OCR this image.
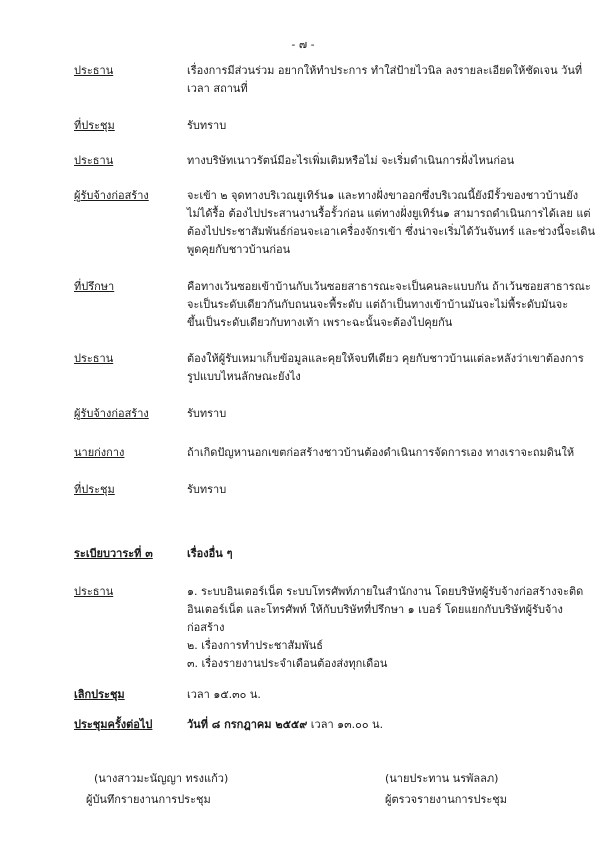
- ๗ -
ประธาน	เรื่องการมีส่วนร่วม อยากให้ทำประการ ทำใส่ป้ายไวนิล ลงรายละเอียดให้ชัดเจน วันที่
เวลา สถานที่
ที่ประชุม	รับทราบ
ประธาน	ทางบริษัทเนาวรัตน์มีอะไรเพิ่มเติมหรือไม่ จะเริ่มดำเนินการฝั่งไหนก่อน
ผู้รับจ้างก่อสร้าง	จะเข้า ๒ จุดทางบริเวณยูเทิร์น๑ และทางฝั่งขาออกซึ่งบริเวณนี้ยังมีรั้วของชาวบ้านยัง
ไม่ได้รื้อ ต้องไปประสานงานรื้อรั้วก่อน แต่ทางฝั่งยูเทิร์น๑ สามารถดำเนินการได้เลย แต่
ต้องไปประชาสัมพันธ์ก่อนจะเอาเครื่องจักรเข้า ซึ่งน่าจะเริ่มได้วันจันทร์ และช่วงนี้จะเดิน
พูดคุยกับชาวบ้านก่อน
ที่ปรึกษา	คือทางเว้นซอยเข้าบ้านกับเว้นซอยสาธารณะจะเป็นคนละแบบกัน ถ้าเว้นซอยสาธารณะ
จะเป็นระดับเดียวกันกับถนนจะพื้ระดับ แต่ถ้าเป็นทางเข้าบ้านมันจะไม่พื้ระดับมันจะ
ขึ้นเป็นระดับเดียวกับทางเท้า เพราะฉะนั้นจะต้องไปคุยกัน
ประธาน	ต้องให้ผู้รับเหมาเก็บข้อมูลและคุยให้จบทีเดียว คุยกับชาวบ้านแต่ละหลังว่าเขาต้องการ
รูปแบบไหนลักษณะยังไง
ผู้รับจ้างก่อสร้าง	รับทราบ
นายก่งกาง	ถ้าเกิดปัญหานอกเขตก่อสร้างชาวบ้านต้องดำเนินการจัดการเอง ทางเราจะถมดินให้
ที่ประชุม	รับทราบ
ระเบียบวาระที่ ๓	เรื่องอื่น ๆ
ประธาน	๑. ระบบอินเตอร์เน็ต ระบบโทรศัพท์ภายในสำนักงาน โดยบริษัทผู้รับจ้างก่อสร้างจะติด
อินเตอร์เน็ต และโทรศัพท์ ให้กับบริษัทที่ปรึกษา ๑ เบอร์ โดยแยกกับบริษัทผู้รับจ้าง
ก่อสร้าง
๒. เรื่องการทำประชาสัมพันธ์
๓. เรื่องรายงานประจำเดือนต้องส่งทุกเดือน
เลิกประชุม	เวลา ๑๕.๓๐ น.
ประชุมครั้งต่อไป	วันที่ ๘ กรกฎาคม ๒๕๕๙ เวลา ๑๓.๐๐ น.
(นางสาวมะนัญญา ทรงแก้ว)
ผู้บันทึกรายงานการประชุม
(นายประทาน นรพัลลภ)
ผู้ตรวจรายงานการประชุม
